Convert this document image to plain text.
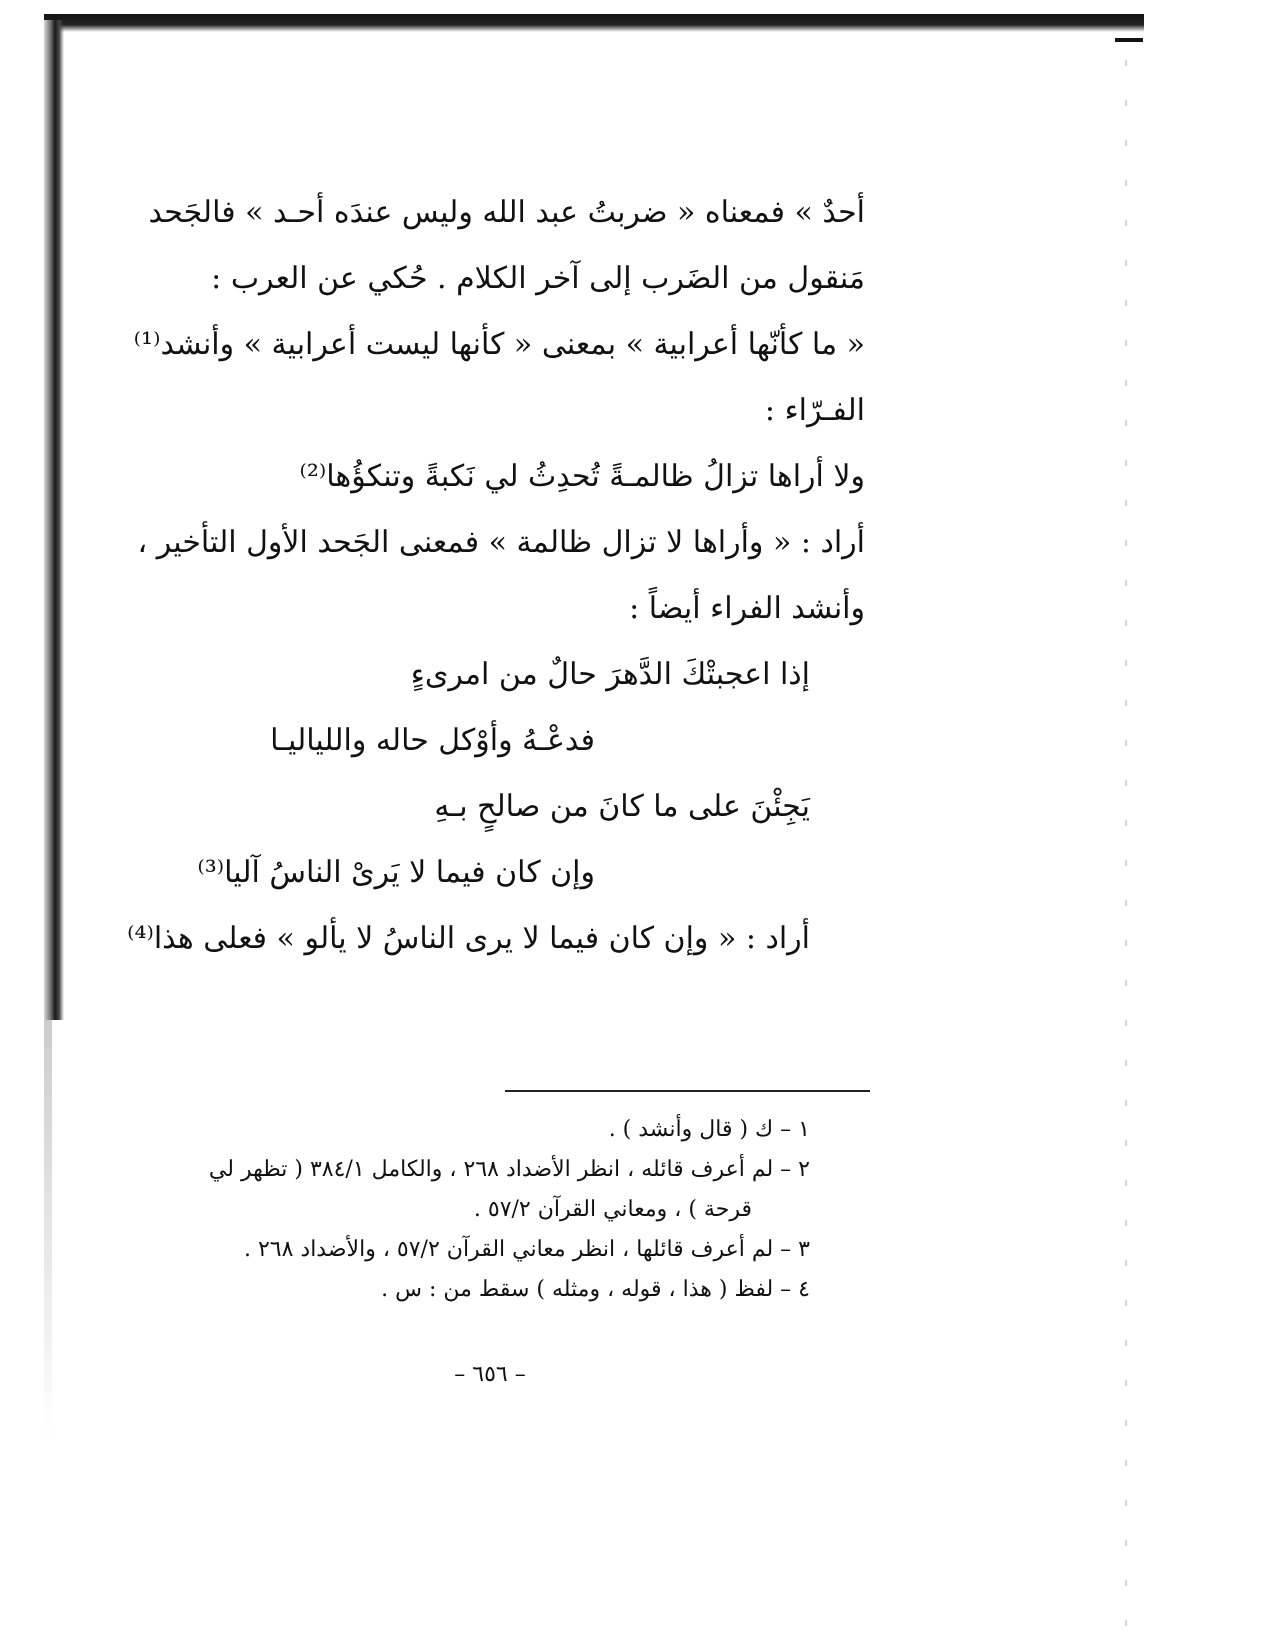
أحدٌ » فمعناه « ضربتُ عبد الله وليس عندَه أحـد » فالجَحد
مَنقول من الضَرب إلى آخر الكلام . حُكي عن العرب :
« ما كأنّها أعرابية » بمعنى « كأنها ليست أعرابية » وأنشد⁽¹⁾
الفـرّاء :
ولا أراها تزالُ ظالمـةً تُحدِثُ لي نَكبةً وتنكؤُها⁽²⁾
أراد : « وأراها لا تزال ظالمة » فمعنى الجَحد الأول التأخير ،
وأنشد الفراء أيضاً :
إذا اعجبتْكَ الدَّهرَ حالٌ من امرىءٍ
فدعْـهُ وأوْكل حاله واللياليـا
يَجِئْنَ على ما كانَ من صالحٍ بـهِ
وإن كان فيما لا يَرىْ الناسُ آليا⁽³⁾
أراد : « وإن كان فيما لا يرى الناسُ لا يألو » فعلى هذا⁽⁴⁾
١ – ك ( قال وأنشد ) .
٢ – لم أعرف قائله ، انظر الأضداد ٢٦٨ ، والكامل ٣٨٤/١ ( تظهر لي
قرحة ) ، ومعاني القرآن ٥٧/٢ .
٣ – لم أعرف قائلها ، انظر معاني القرآن ٥٧/٢ ، والأضداد ٢٦٨ .
٤ – لفظ ( هذا ، قوله ، ومثله ) سقط من : س .
– ٦٥٦ –
